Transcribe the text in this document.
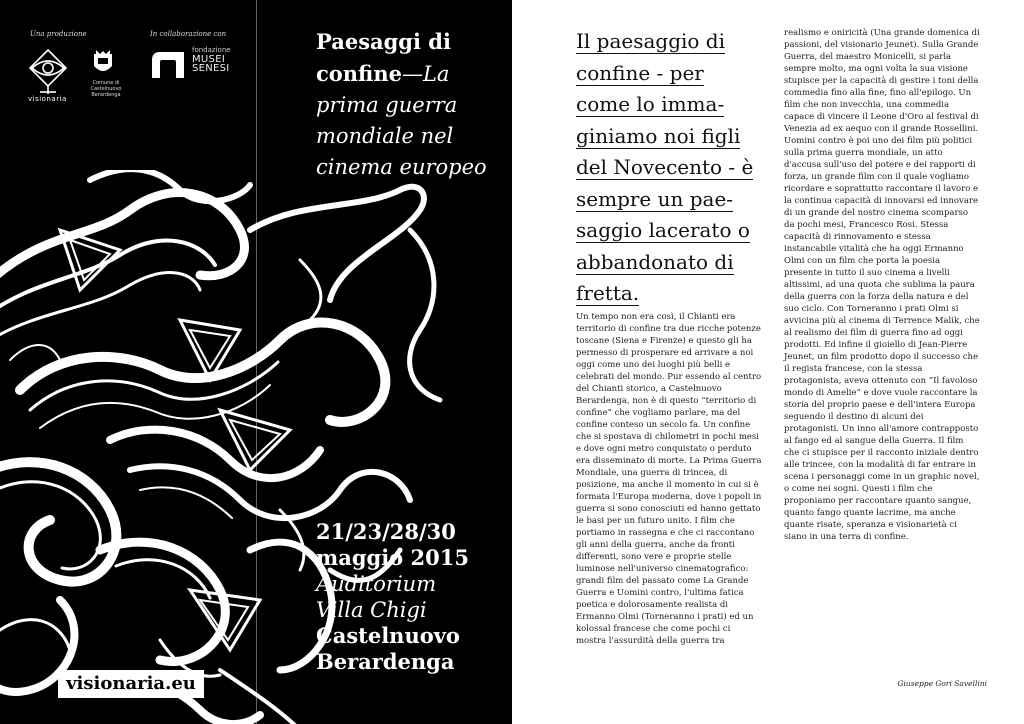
Una produzione	In collaborazione con
visionaria
Comune di Castelnuovo Berardenga
fondazione
MUSEI
SENESI
Paesaggi di confine—La prima guerra mondiale nel cinema europeo
21/23/28/30
maggio 2015
Auditorium
Villa Chigi
Castelnuovo
Berardenga
visionaria.eu
Il paesaggio di
confine - per
come lo imma-
giniamo noi figli
del Novecento - è
sempre un pae-
saggio lacerato o
abbandonato di
fretta.
Un tempo non era così, il Chianti era territorio di confine tra due ricche potenze toscane (Siena e Firenze) e questo gli ha permesso di prosperare ed arrivare a noi oggi come uno dei luoghi più belli e celebrati del mondo. Pur essendo al centro del Chianti storico, a Castelnuovo Berardenga, non è di questo “territorio di confine” che vogliamo parlare, ma del confine conteso un secolo fa. Un confine che si spostava di chilometri in pochi mesi e dove ogni metro conquistato o perduto era disseminato di morte. La Prima Guerra Mondiale, una guerra di trincea, di posizione, ma anche il momento in cui si è formata l'Europa moderna, dove i popoli in guerra si sono conosciuti ed hanno gettato le basi per un futuro unito. I film che portiamo in rassegna e che ci raccontano gli anni della guerra, anche da fronti differenti, sono vere e proprie stelle luminose nell'universo cinematografico: grandi film del passato come La Grande Guerra e Uomini contro, l'ultima fatica poetica e dolorosamente realista di Ermanno Olmi (Torneranno i prati) ed un kolossal francese che come pochi ci mostra l'assurdità della guerra tra
realismo e oniricità (Una grande domenica di passioni, del visionario Jeunet). Sulla Grande Guerra, del maestro Monicelli, si parla sempre molto, ma ogni volta la sua visione stupisce per la capacità di gestire i toni della commedia fino alla fine, fino all'epilogo. Un film che non invecchia, una commedia capace di vincere il Leone d'Oro al festival di Venezia ad ex aequo con il grande Rossellini. Uomini contro è poi uno dei film più politici sulla prima guerra mondiale, un atto d'accusa sull'uso del potere e dei rapporti di forza, un grande film con il quale vogliamo ricordare e soprattutto raccontare il lavoro e la continua capacità di innovarsi ed innovare di un grande del nostro cinema scomparso da pochi mesi, Francesco Rosi. Stessa capacità di rinnovamento e stessa instancabile vitalità che ha oggi Ermanno Olmi con un film che porta la poesia presente in tutto il suo cinema a livelli altissimi, ad una quota che sublima la paura della guerra con la forza della natura e del suo ciclo. Con Torneranno i prati Olmi si avvicina più al cinema di Terrence Malik, che al realismo dei film di guerra fino ad oggi prodotti. Ed infine il gioiello di Jean-Pierre Jeunet, un film prodotto dopo il successo che il regista francese, con la stessa protagonista, aveva ottenuto con “Il favoloso mondo di Amelie” e dove vuole raccontare la storia del proprio paese e dell'intera Europa seguendo il destino di alcuni dei protagonisti. Un inno all'amore contrapposto al fango ed al sangue della Guerra. Il film che ci stupisce per il racconto iniziale dentro alle trincee, con la modalità di far entrare in scena i personaggi come in un graphic novel, o come nei sogni. Questi i film che proponiamo per raccontare quanto sangue, quanto fango quante lacrime, ma anche quante risate, speranza e visionarietà ci siano in una terra di confine.
Giuseppe Gori Savellini
